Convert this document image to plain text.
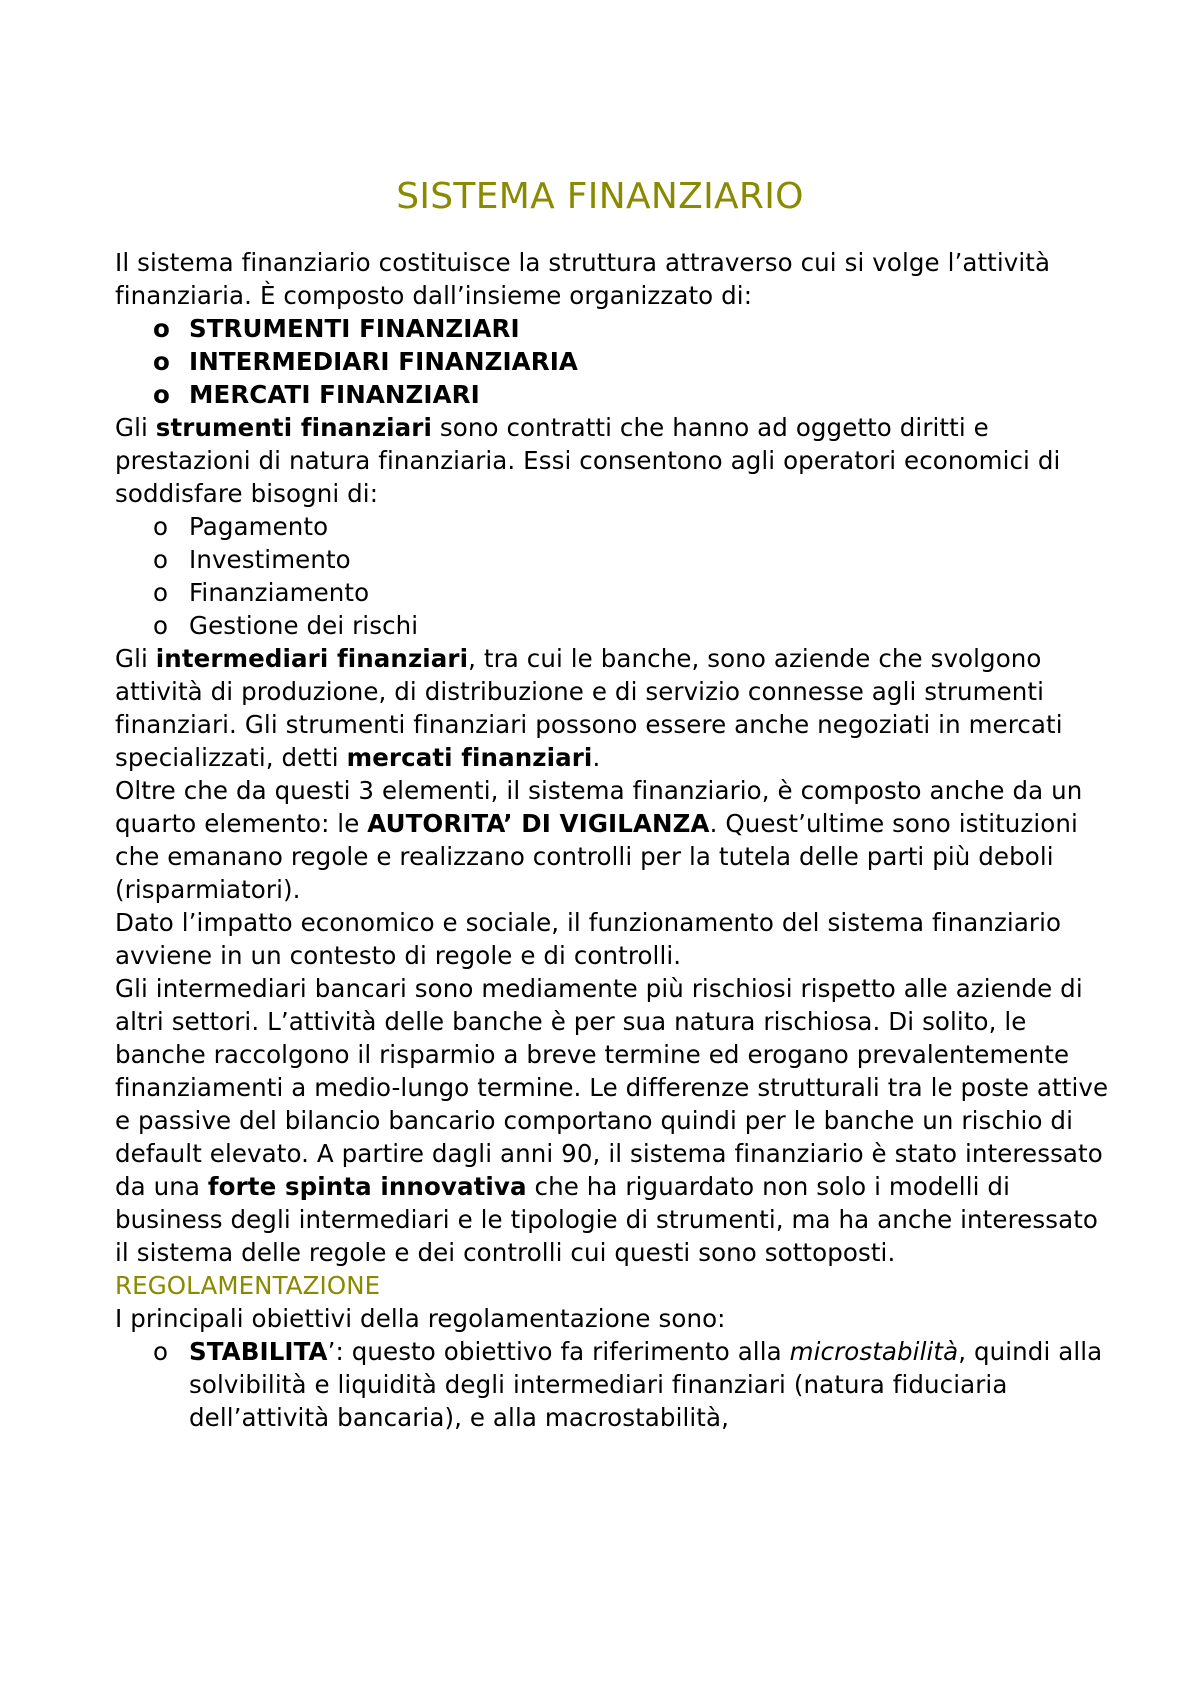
SISTEMA FINANZIARIO

Il sistema finanziario costituisce la struttura attraverso cui si volge l’attività finanziaria. È composto dall’insieme organizzato di:

o STRUMENTI FINANZIARI
o INTERMEDIARI FINANZIARIA
o MERCATI FINANZIARI

Gli strumenti finanziari sono contratti che hanno ad oggetto diritti e prestazioni di natura finanziaria. Essi consentono agli operatori economici di soddisfare bisogni di:

o Pagamento
o Investimento
o Finanziamento
o Gestione dei rischi

Gli intermediari finanziari, tra cui le banche, sono aziende che svolgono attività di produzione, di distribuzione e di servizio connesse agli strumenti finanziari. Gli strumenti finanziari possono essere anche negoziati in mercati specializzati, detti mercati finanziari.

Oltre che da questi 3 elementi, il sistema finanziario, è composto anche da un quarto elemento: le AUTORITA’ DI VIGILANZA. Quest’ultime sono istituzioni che emanano regole e realizzano controlli per la tutela delle parti più deboli (risparmiatori).

Dato l’impatto economico e sociale, il funzionamento del sistema finanziario avviene in un contesto di regole e di controlli.

Gli intermediari bancari sono mediamente più rischiosi rispetto alle aziende di altri settori. L’attività delle banche è per sua natura rischiosa. Di solito, le banche raccolgono il risparmio a breve termine ed erogano prevalentemente finanziamenti a medio-lungo termine. Le differenze strutturali tra le poste attive e passive del bilancio bancario comportano quindi per le banche un rischio di default elevato. A partire dagli anni 90, il sistema finanziario è stato interessato da una forte spinta innovativa che ha riguardato non solo i modelli di business degli intermediari e le tipologie di strumenti, ma ha anche interessato il sistema delle regole e dei controlli cui questi sono sottoposti.

REGOLAMENTAZIONE

I principali obiettivi della regolamentazione sono:

o STABILITA’: questo obiettivo fa riferimento alla microstabilità, quindi alla solvibilità e liquidità degli intermediari finanziari (natura fiduciaria dell’attività bancaria), e alla macrostabilità,
